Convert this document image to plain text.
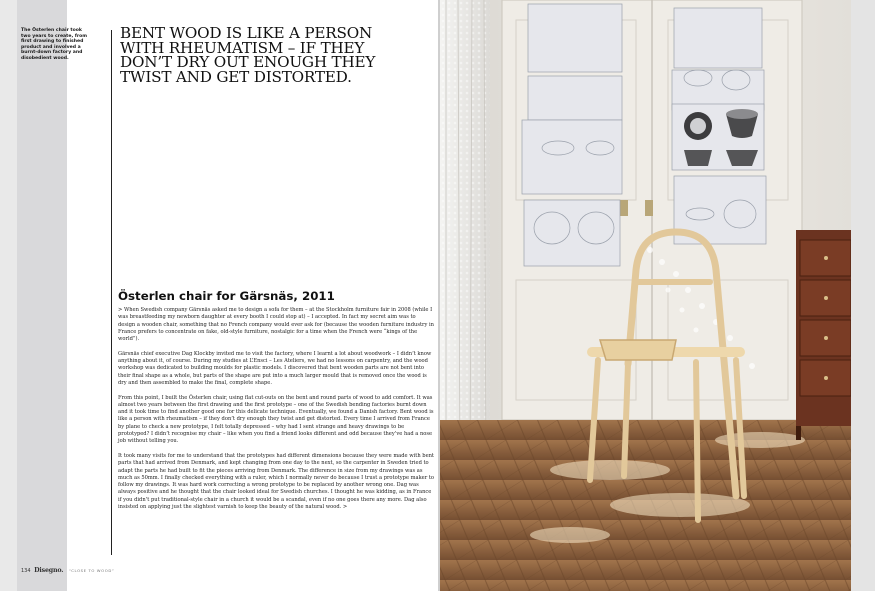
The Österlen chair took two years to create, from first drawing to finished product and involved a burnt-down factory and disobedient wood.
BENT WOOD IS LIKE A PERSON WITH RHEUMATISM – IF THEY DON’T DRY OUT ENOUGH THEY TWIST AND GET DISTORTED.
Österlen chair for Gärsnäs, 2011

> When Swedish company Gärsnäs asked me to design a sofa for them – at the Stockholm furniture fair in 2008 (while I was breastfeeding my newborn daughter at every booth I could stop at) – I accepted. In fact my secret aim was to design a wooden chair, something that no French company would ever ask for (because the wooden furniture industry in France prefers to concentrate on fake, old-style furniture, nostalgic for a time when the French were “kings of the world”).

Gärsnäs chief executive Dag Klockby invited me to visit the factory, where I learnt a lot about woodwork – I didn’t know anything about it, of course. During my studies at L’Ensci – Les Ateliers, we had no lessons on carpentry, and the wood workshop was dedicated to building moulds for plastic models. I discovered that bent wooden parts are not bent into their final shape as a whole, but parts of the shape are put into a much larger mould that is removed once the wood is dry and then assembled to make the final, complete shape.

From this point, I built the Österlen chair, using flat cut-outs on the bent and round parts of wood to add comfort. It was almost two years between the first drawing and the first prototype – one of the Swedish bending factories burnt down and it took time to find another good one for this delicate technique. Eventually, we found a Danish factory. Bent wood is like a person with rheumatism – if they don’t dry enough they twist and get distorted. Every time I arrived from France by plane to check a new prototype, I felt totally depressed – why had I sent strange and heavy drawings to be prototyped? I didn’t recognise my chair – like when you find a friend looks different and odd because they’ve had a nose job without telling you.

It took many visits for me to understand that the prototypes had different dimensions because they were made with bent parts that had arrived from Denmark, and kept changing from one day to the next, so the carpenter in Sweden tried to adapt the parts he had built to fit the pieces arriving from Denmark. The difference in size from my drawings was as much as 50mm. I finally checked everything with a ruler, which I normally never do because I trust a prototype maker to follow my drawings. It was hard work correcting a wrong prototype to be replaced by another wrong one. Dag was always positive and he thought that the chair looked ideal for Swedish churches. I thought he was kidding, as in France if you didn’t put traditional-style chair in a church it would be a scandal, even if no one goes there any more. Dag also insisted on applying just the slightest varnish to keep the beauty of the natural wood. >

134 Disegno. “CLOSE TO WOOD”
